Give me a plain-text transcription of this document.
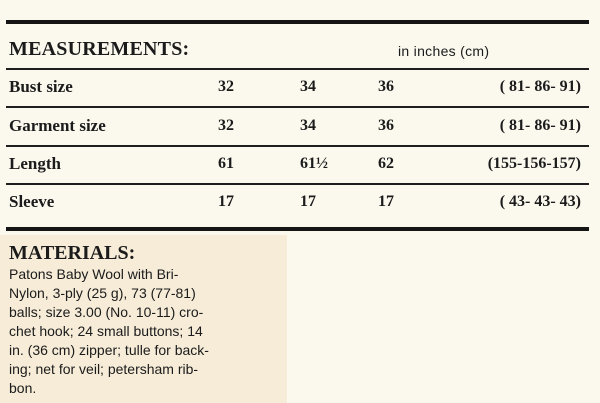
MEASUREMENTS:	in inches (cm)
Bust size	32	34	36	( 81- 86- 91)
Garment size	32	34	36	( 81- 86- 91)
Length	61	61½	62	(155-156-157)
Sleeve	17	17	17	( 43- 43- 43)
MATERIALS:
Patons Baby Wool with Bri-
Nylon, 3-ply (25 g), 73 (77-81)
balls; size 3.00 (No. 10-11) cro-
chet hook; 24 small buttons; 14
in. (36 cm) zipper; tulle for back-
ing; net for veil; petersham rib-
bon.
